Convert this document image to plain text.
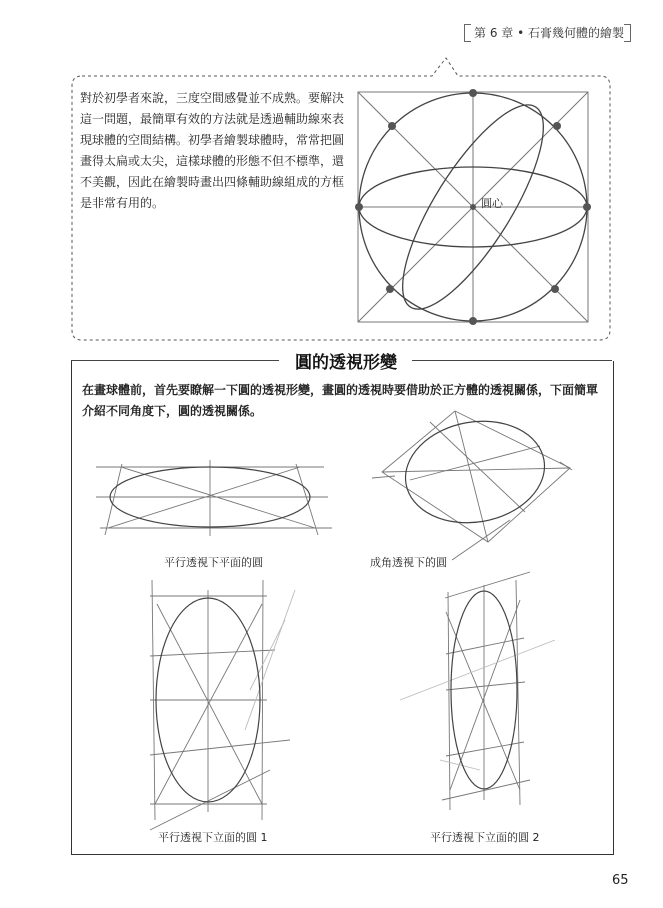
第 6 章 • 石膏幾何體的繪製
對於初學者來說，三度空間感覺並不成熟。要解決這一問題，最簡單有效的方法就是透過輔助線來表現球體的空間結構。初學者繪製球體時，常常把圓畫得太扁或太尖，這樣球體的形態不但不標準，還不美觀，因此在繪製時畫出四條輔助線組成的方框是非常有用的。	圓心
圓的透視形變
在畫球體前，首先要瞭解一下圓的透視形變，畫圓的透視時要借助於正方體的透視關係，下面簡單介紹不同角度下，圓的透視關係。
平行透視下平面的圓	成角透視下的圓
平行透視下立面的圓 1	平行透視下立面的圓 2
65
